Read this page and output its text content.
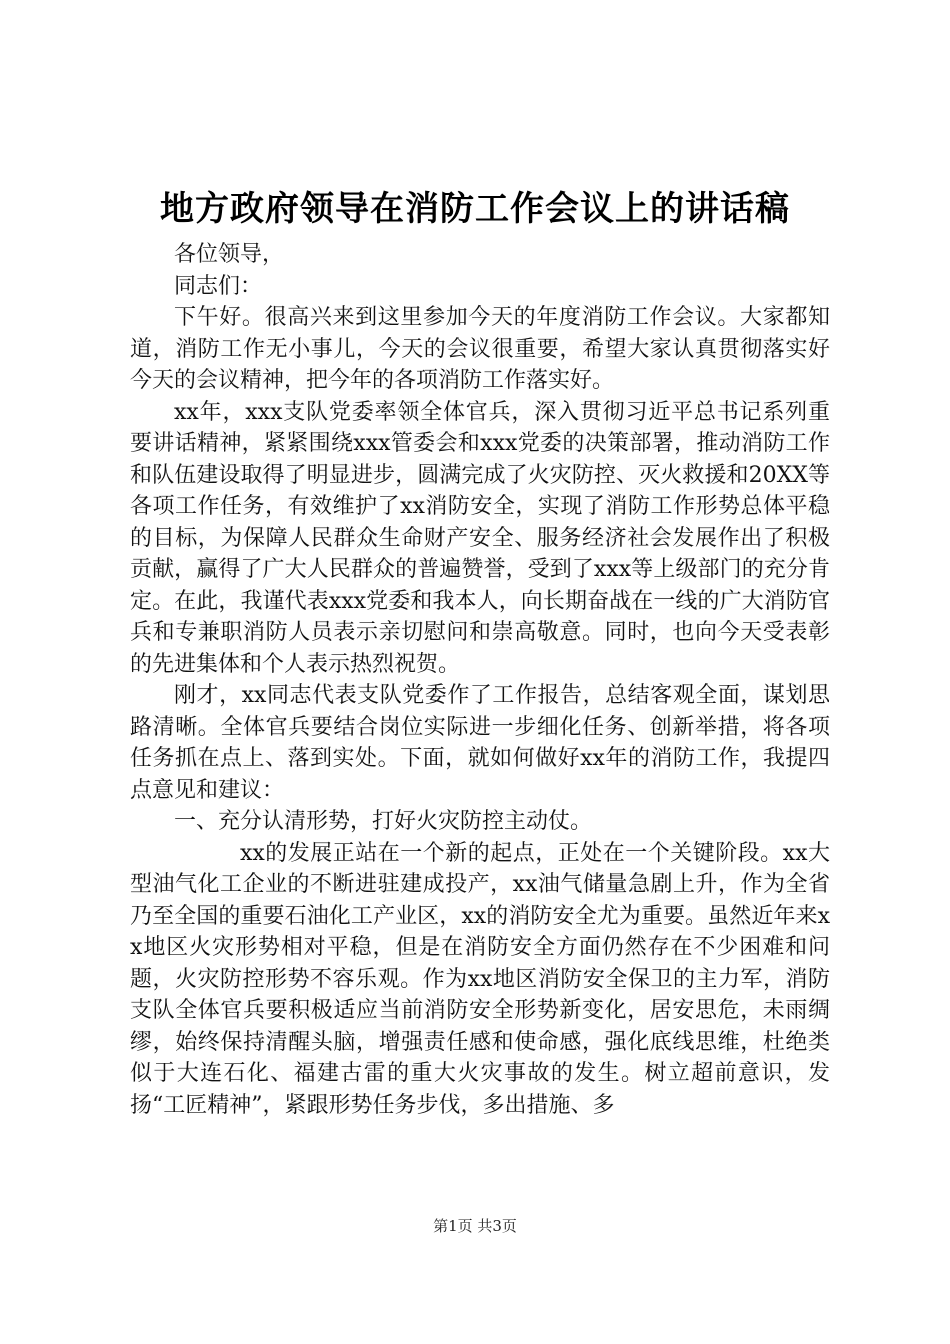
地方政府领导在消防工作会议上的讲话稿

各位领导，

同志们：

下午好。很高兴来到这里参加今天的年度消防工作会议。大家都知道，消防工作无小事儿，今天的会议很重要，希望大家认真贯彻落实好今天的会议精神，把今年的各项消防工作落实好。

xx年，xxx支队党委率领全体官兵，深入贯彻习近平总书记系列重要讲话精神，紧紧围绕xxx管委会和xxx党委的决策部署，推动消防工作和队伍建设取得了明显进步，圆满完成了火灾防控、灭火救援和20XX等各项工作任务，有效维护了xx消防安全，实现了消防工作形势总体平稳的目标，为保障人民群众生命财产安全、服务经济社会发展作出了积极贡献，赢得了广大人民群众的普遍赞誉，受到了xxx等上级部门的充分肯定。在此，我谨代表xxx党委和我本人，向长期奋战在一线的广大消防官兵和专兼职消防人员表示亲切慰问和崇高敬意。同时，也向今天受表彰的先进集体和个人表示热烈祝贺。

刚才，xx同志代表支队党委作了工作报告，总结客观全面，谋划思路清晰。全体官兵要结合岗位实际进一步细化任务、创新举措，将各项任务抓在点上、落到实处。下面，就如何做好xx年的消防工作，我提四点意见和建议：

一、充分认清形势，打好火灾防控主动仗。

xx的发展正站在一个新的起点，正处在一个关键阶段。xx大型油气化工企业的不断进驻建成投产，xx油气储量急剧上升，作为全省乃至全国的重要石油化工产业区，xx的消防安全尤为重要。虽然近年来xx地区火灾形势相对平稳，但是在消防安全方面仍然存在不少困难和问题，火灾防控形势不容乐观。作为xx地区消防安全保卫的主力军，消防支队全体官兵要积极适应当前消防安全形势新变化，居安思危，未雨绸缪，始终保持清醒头脑，增强责任感和使命感，强化底线思维，杜绝类似于大连石化、福建古雷的重大火灾事故的发生。树立超前意识，发扬“工匠精神”，紧跟形势任务步伐，多出措施、多

第1页 共3页
